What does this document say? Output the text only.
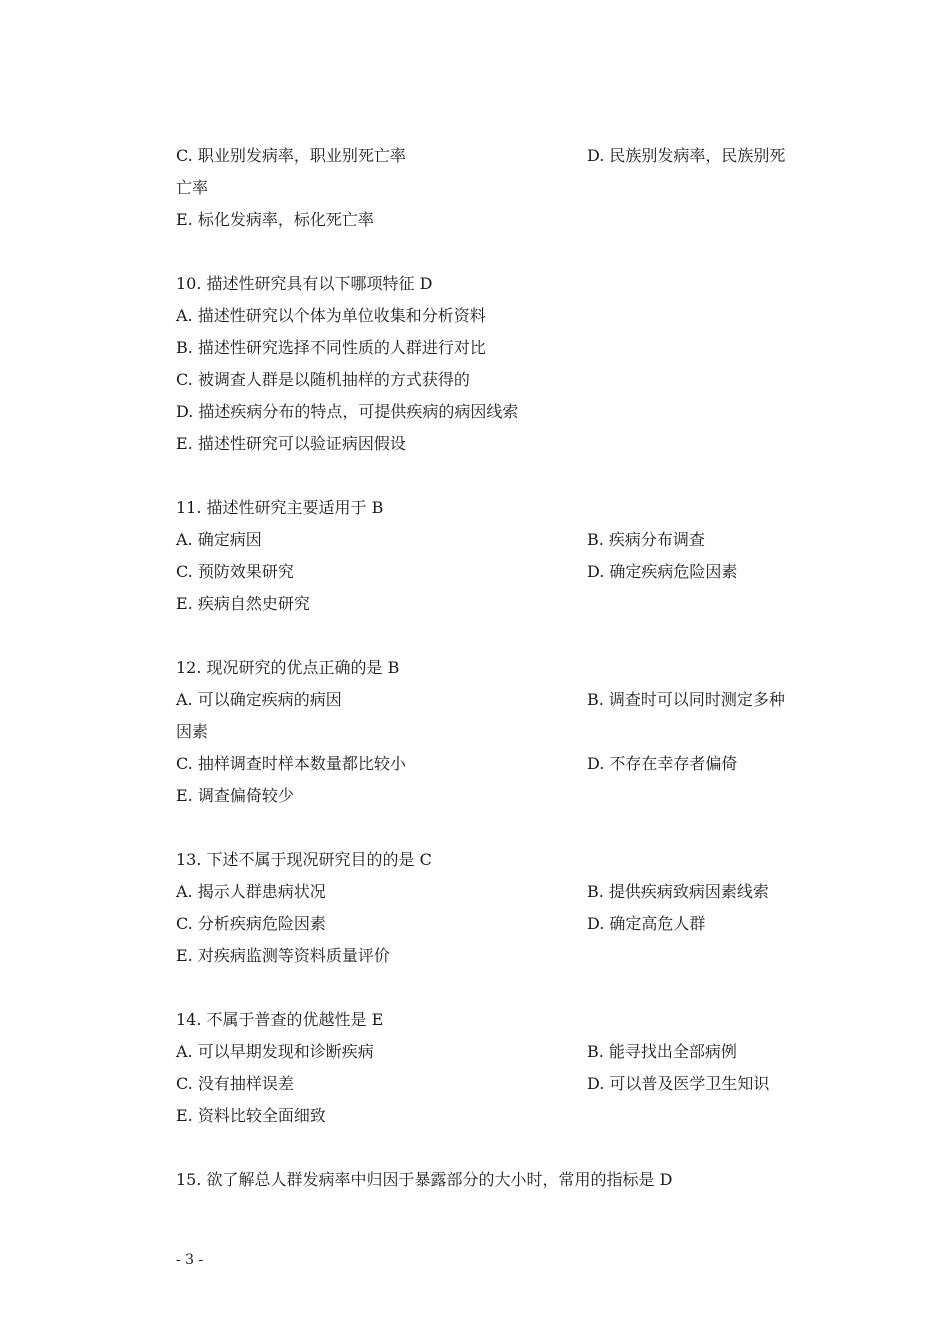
C. 职业别发病率，职业别死亡率	D. 民族别发病率，民族别死
亡率
E. 标化发病率，标化死亡率
10. 描述性研究具有以下哪项特征 D
A. 描述性研究以个体为单位收集和分析资料
B. 描述性研究选择不同性质的人群进行对比
C. 被调查人群是以随机抽样的方式获得的
D. 描述疾病分布的特点，可提供疾病的病因线索
E. 描述性研究可以验证病因假设
11. 描述性研究主要适用于 B
A. 确定病因	B. 疾病分布调查
C. 预防效果研究	D. 确定疾病危险因素
E. 疾病自然史研究
12. 现况研究的优点正确的是 B
A. 可以确定疾病的病因	B. 调查时可以同时测定多种
因素
C. 抽样调查时样本数量都比较小	D. 不存在幸存者偏倚
E. 调查偏倚较少
13. 下述不属于现况研究目的的是 C
A. 揭示人群患病状况	B. 提供疾病致病因素线索
C. 分析疾病危险因素	D. 确定高危人群
E. 对疾病监测等资料质量评价
14. 不属于普查的优越性是 E
A. 可以早期发现和诊断疾病	B. 能寻找出全部病例
C. 没有抽样误差	D. 可以普及医学卫生知识
E. 资料比较全面细致
15. 欲了解总人群发病率中归因于暴露部分的大小时，常用的指标是 D
- 3 -
